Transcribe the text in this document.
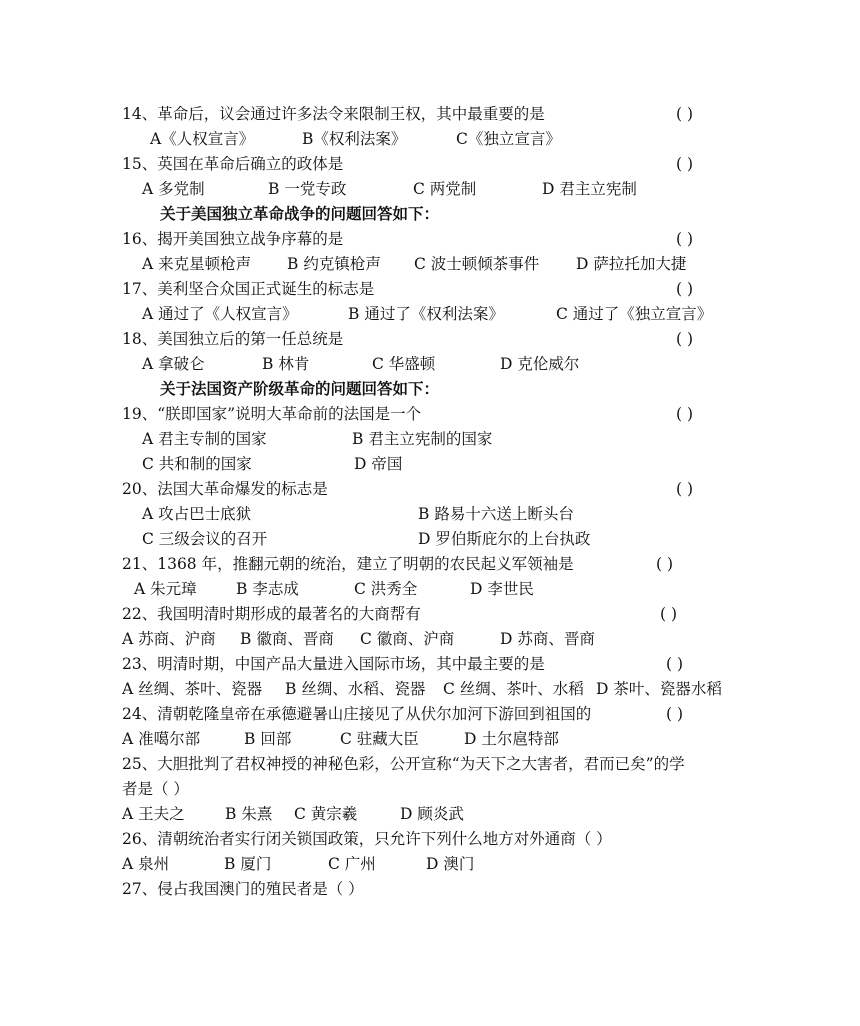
14、革命后，议会通过许多法令来限制王权，其中最重要的是	( )
A《人权宣言》	B《权利法案》	C《独立宣言》
15、英国在革命后确立的政体是	( )
A 多党制	B 一党专政	C 两党制	D 君主立宪制
关于美国独立革命战争的问题回答如下：
16、揭开美国独立战争序幕的是	( )
A 来克星顿枪声 B 约克镇枪声 C 波士顿倾茶事件 D 萨拉托加大捷
17、美利坚合众国正式诞生的标志是	( )
A 通过了《人权宣言》	B 通过了《权利法案》	C 通过了《独立宣言》
18、美国独立后的第一任总统是	( )
A 拿破仑	B 林肯	C 华盛顿	D 克伦威尔
关于法国资产阶级革命的问题回答如下：
19、“朕即国家”说明大革命前的法国是一个	( )
A 君主专制的国家	B 君主立宪制的国家
C 共和制的国家	D 帝国
20、法国大革命爆发的标志是	( )
A 攻占巴士底狱	B 路易十六送上断头台
C 三级会议的召开	D 罗伯斯庇尔的上台执政
21、1368 年，推翻元朝的统治，建立了明朝的农民起义军领袖是	( )
A 朱元璋	B 李志成	C 洪秀全	D 李世民
22、我国明清时期形成的最著名的大商帮有	( )
A 苏商、沪商 B 徽商、晋商 C 徽商、沪商	D 苏商、晋商
23、明清时期，中国产品大量进入国际市场，其中最主要的是	( )
A 丝绸、茶叶、瓷器 B 丝绸、水稻、瓷器 C 丝绸、茶叶、水稻 D 茶叶、瓷器水稻
24、清朝乾隆皇帝在承德避暑山庄接见了从伏尔加河下游回到祖国的	( )
A 准噶尔部	B 回部	C 驻藏大臣	D 土尔扈特部
25、大胆批判了君权神授的神秘色彩，公开宣称“为天下之大害者，君而已矣”的学
者是（ ）
A 王夫之	B 朱熹 C 黄宗羲	D 顾炎武
26、清朝统治者实行闭关锁国政策，只允许下列什么地方对外通商（ ）
A 泉州	B 厦门	C 广州	D 澳门
27、侵占我国澳门的殖民者是（ ）
